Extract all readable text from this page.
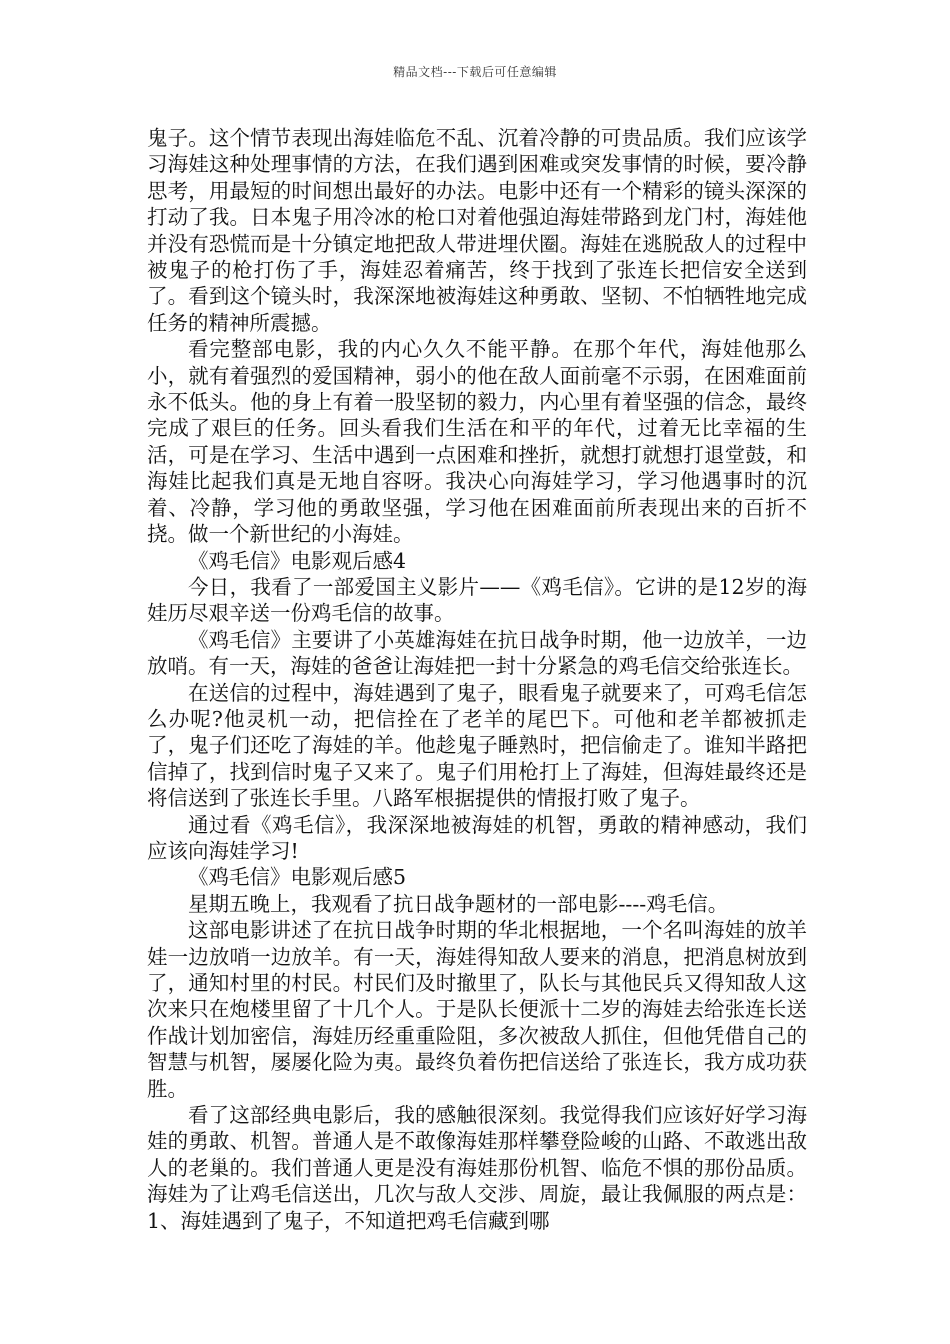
精品文档---下载后可任意编辑

鬼子。这个情节表现出海娃临危不乱、沉着冷静的可贵品质。我们应该学习海娃这种处理事情的方法，在我们遇到困难或突发事情的时候，要冷静思考，用最短的时间想出最好的办法。电影中还有一个精彩的镜头深深的打动了我。日本鬼子用冷冰的枪口对着他强迫海娃带路到龙门村，海娃他并没有恐慌而是十分镇定地把敌人带进埋伏圈。海娃在逃脱敌人的过程中被鬼子的枪打伤了手，海娃忍着痛苦，终于找到了张连长把信安全送到了。看到这个镜头时，我深深地被海娃这种勇敢、坚韧、不怕牺牲地完成任务的精神所震撼。

看完整部电影，我的内心久久不能平静。在那个年代，海娃他那么小，就有着强烈的爱国精神，弱小的他在敌人面前毫不示弱，在困难面前永不低头。他的身上有着一股坚韧的毅力，内心里有着坚强的信念，最终完成了艰巨的任务。回头看我们生活在和平的年代，过着无比幸福的生活，可是在学习、生活中遇到一点困难和挫折，就想打就想打退堂鼓，和海娃比起我们真是无地自容呀。我决心向海娃学习，学习他遇事时的沉着、冷静，学习他的勇敢坚强，学习他在困难面前所表现出来的百折不挠。做一个新世纪的小海娃。

《鸡毛信》电影观后感4

今日，我看了一部爱国主义影片——《鸡毛信》。它讲的是12岁的海娃历尽艰辛送一份鸡毛信的故事。

《鸡毛信》主要讲了小英雄海娃在抗日战争时期，他一边放羊，一边放哨。有一天，海娃的爸爸让海娃把一封十分紧急的鸡毛信交给张连长。

在送信的过程中，海娃遇到了鬼子，眼看鬼子就要来了，可鸡毛信怎么办呢?他灵机一动，把信拴在了老羊的尾巴下。可他和老羊都被抓走了，鬼子们还吃了海娃的羊。他趁鬼子睡熟时，把信偷走了。谁知半路把信掉了，找到信时鬼子又来了。鬼子们用枪打上了海娃，但海娃最终还是将信送到了张连长手里。八路军根据提供的情报打败了鬼子。

通过看《鸡毛信》，我深深地被海娃的机智，勇敢的精神感动，我们应该向海娃学习!

《鸡毛信》电影观后感5

星期五晚上，我观看了抗日战争题材的一部电影----鸡毛信。

这部电影讲述了在抗日战争时期的华北根据地，一个名叫海娃的放羊娃一边放哨一边放羊。有一天，海娃得知敌人要来的消息，把消息树放到了，通知村里的村民。村民们及时撤里了，队长与其他民兵又得知敌人这次来只在炮楼里留了十几个人。于是队长便派十二岁的海娃去给张连长送作战计划加密信，海娃历经重重险阻，多次被敌人抓住，但他凭借自己的智慧与机智，屡屡化险为夷。最终负着伤把信送给了张连长，我方成功获胜。

看了这部经典电影后，我的感触很深刻。我觉得我们应该好好学习海娃的勇敢、机智。普通人是不敢像海娃那样攀登险峻的山路、不敢逃出敌人的老巢的。我们普通人更是没有海娃那份机智、临危不惧的那份品质。海娃为了让鸡毛信送出，几次与敌人交涉、周旋，最让我佩服的两点是：1、海娃遇到了鬼子，不知道把鸡毛信藏到哪
